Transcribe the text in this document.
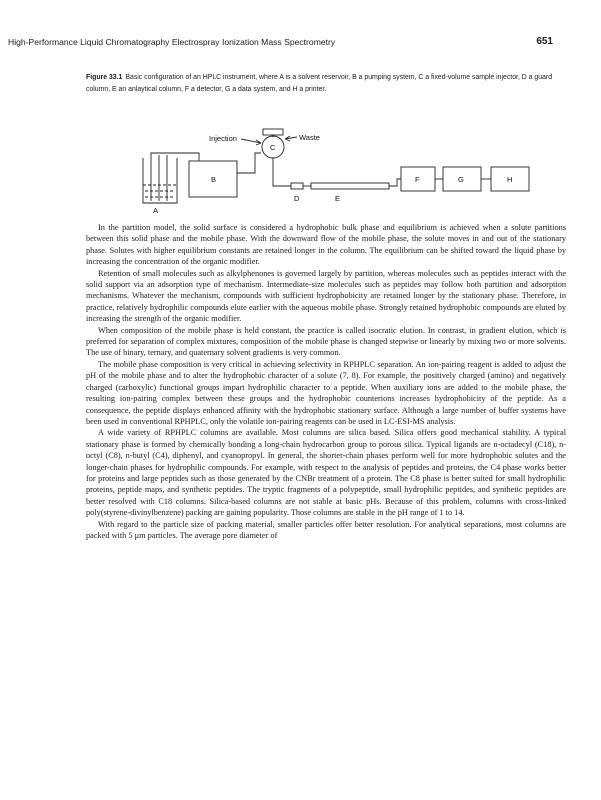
High-Performance Liquid Chromatography Electrospray Ionization Mass Spectrometry	651
Figure 33.1 Basic configuration of an HPLC instrument, where A is a solvent reservoir, B a pumping system, C a fixed-volume sample injector, D a guard column, E an anlaytical column, F a detector, G a data system, and H a printer.
Injection	Waste
C
B
A
D	E
F	G	H

In the partition model, the solid surface is considered a hydrophobic bulk phase and equilibrium is achieved when a solute partitions between this solid phase and the mobile phase. With the downward flow of the mobile phase, the solute moves in and out of the stationary phase. Solutes with higher equilibrium constants are retained longer in the column. The equilibrium can be shifted toward the liquid phase by increasing the concentration of the organic modifier.

Retention of small molecules such as alkylphenones is governed largely by partition, whereas molecules such as peptides interact with the solid support via an adsorption type of mechanism. Intermediate-size molecules such as peptides may follow both partition and adsorption mechanisms. Whatever the mechanism, compounds with sufficient hydrophobicity are retained longer by the stationary phase. Therefore, in practice, relatively hydrophilic compounds elute earlier with the aqueous mobile phase. Strongly retained hydrophobic compounds are eluted by increasing the strength of the organic modifier.

When composition of the mobile phase is held constant, the practice is called isocratic elution. In contrast, in gradient elution, which is preferred for separation of complex mixtures, composition of the mobile phase is changed stepwise or linearly by mixing two or more solvents. The use of binary, ternary, and quaternary solvent gradients is very common.

The mobile phase composition is very critical in achieving selectivity in RPHPLC separation. An ion-pairing reagent is added to adjust the pH of the mobile phase and to alter the hydrophobic character of a solute (7, 8). For example, the positively charged (amino) and negatively charged (carboxylic) functional groups impart hydrophilic character to a peptide. When auxiliary ions are added to the mobile phase, the resulting ion-pairing complex between these groups and the hydrophobic counterions increases hydrophobicity of the peptide. As a consequence, the peptide displays enhanced affinity with the hydrophobic stationary surface. Although a large number of buffer systems have been used in conventional RPHPLC, only the volatile ion-pairing reagents can be used in LC-ESI-MS analysis.

A wide variety of RPHPLC columns are available. Most columns are silica based. Silica offers good mechanical stability. A typical stationary phase is formed by chemically bonding a long-chain hydrocarbon group to porous silica. Typical ligands are n-octadecyl (C18), n-octyl (C8), n-butyl (C4), diphenyl, and cyanopropyl. In general, the shorter-chain phases perform well for more hydrophobic solutes and the longer-chain phases for hydrophilic compounds. For example, with respect to the analysis of peptides and proteins, the C4 phase works better for proteins and large peptides such as those generated by the CNBr treatment of a protein. The C8 phase is better suited for small hydrophilic proteins, peptide maps, and synthetic peptides. The tryptic fragments of a polypeptide, small hydrophilic peptides, and synthetic peptides are better resolved with C18 columns. Silica-based columns are not stable at basic pHs. Because of this problem, columns with cross-linked poly(styrene-divinylbenzene) packing are gaining popularity. Those columns are stable in the pH range of 1 to 14.

With regard to the particle size of packing material, smaller particles offer better resolution. For analytical separations, most columns are packed with 5 μm particles. The average pore diameter of
